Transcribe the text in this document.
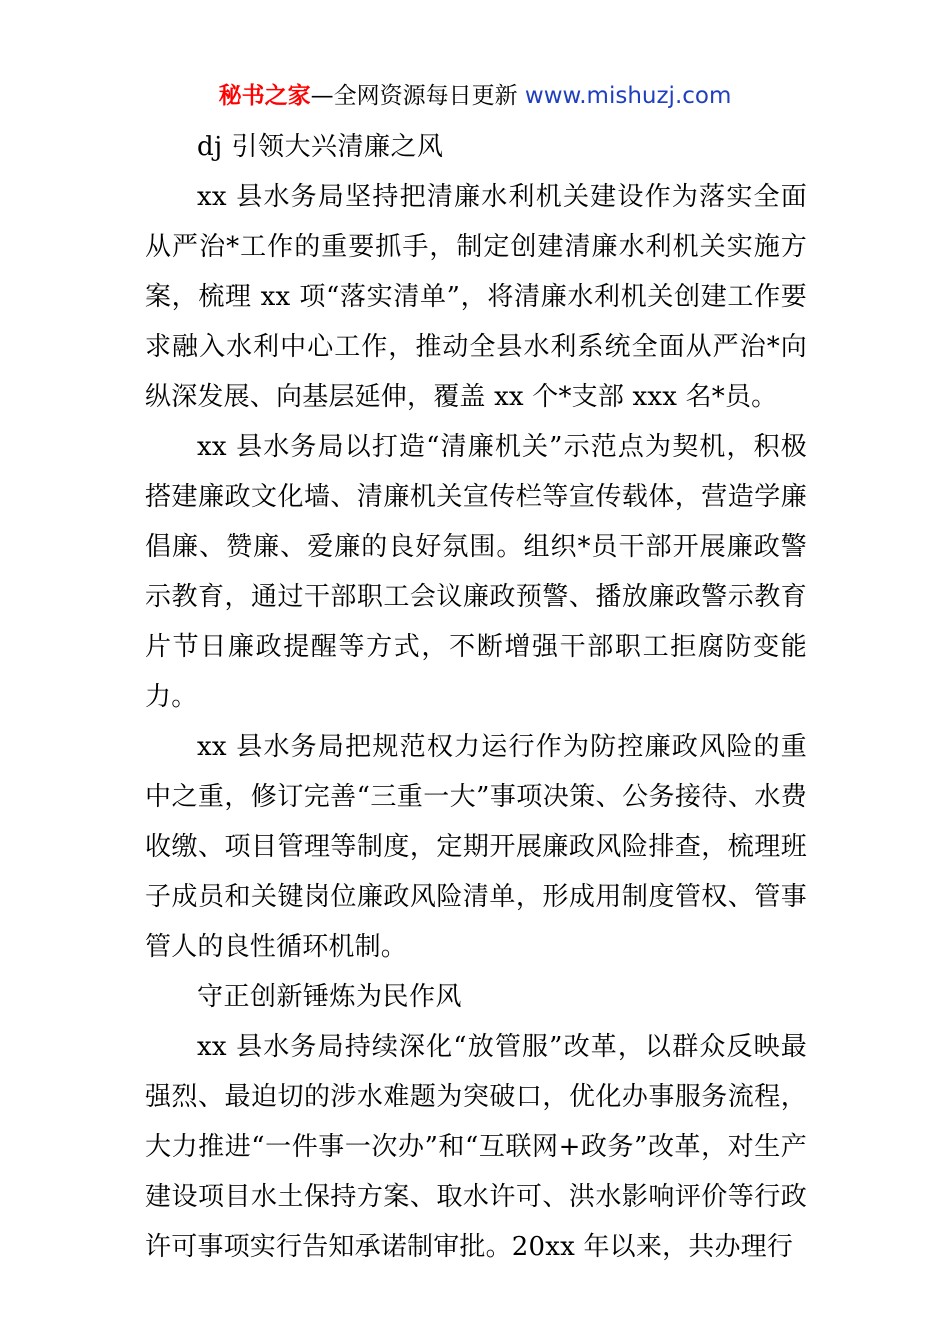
秘书之家—全网资源每日更新 www.mishuzj.com

dj 引领大兴清廉之风

xx 县水务局坚持把清廉水利机关建设作为落实全面从严治*工作的重要抓手，制定创建清廉水利机关实施方案，梳理 xx 项“落实清单”，将清廉水利机关创建工作要求融入水利中心工作，推动全县水利系统全面从严治*向纵深发展、向基层延伸，覆盖 xx 个*支部 xxx 名*员。

xx 县水务局以打造“清廉机关”示范点为契机，积极搭建廉政文化墙、清廉机关宣传栏等宣传载体，营造学廉倡廉、赞廉、爱廉的良好氛围。组织*员干部开展廉政警示教育，通过干部职工会议廉政预警、播放廉政警示教育片节日廉政提醒等方式，不断增强干部职工拒腐防变能力。

xx 县水务局把规范权力运行作为防控廉政风险的重中之重，修订完善“三重一大”事项决策、公务接待、水费收缴、项目管理等制度，定期开展廉政风险排查，梳理班子成员和关键岗位廉政风险清单，形成用制度管权、管事管人的良性循环机制。

守正创新锤炼为民作风

xx 县水务局持续深化“放管服”改革，以群众反映最强烈、最迫切的涉水难题为突破口，优化办事服务流程，大力推进“一件事一次办”和“互联网+政务”改革，对生产建设项目水土保持方案、取水许可、洪水影响评价等行政许可事项实行告知承诺制审批。20xx 年以来，共办理行
